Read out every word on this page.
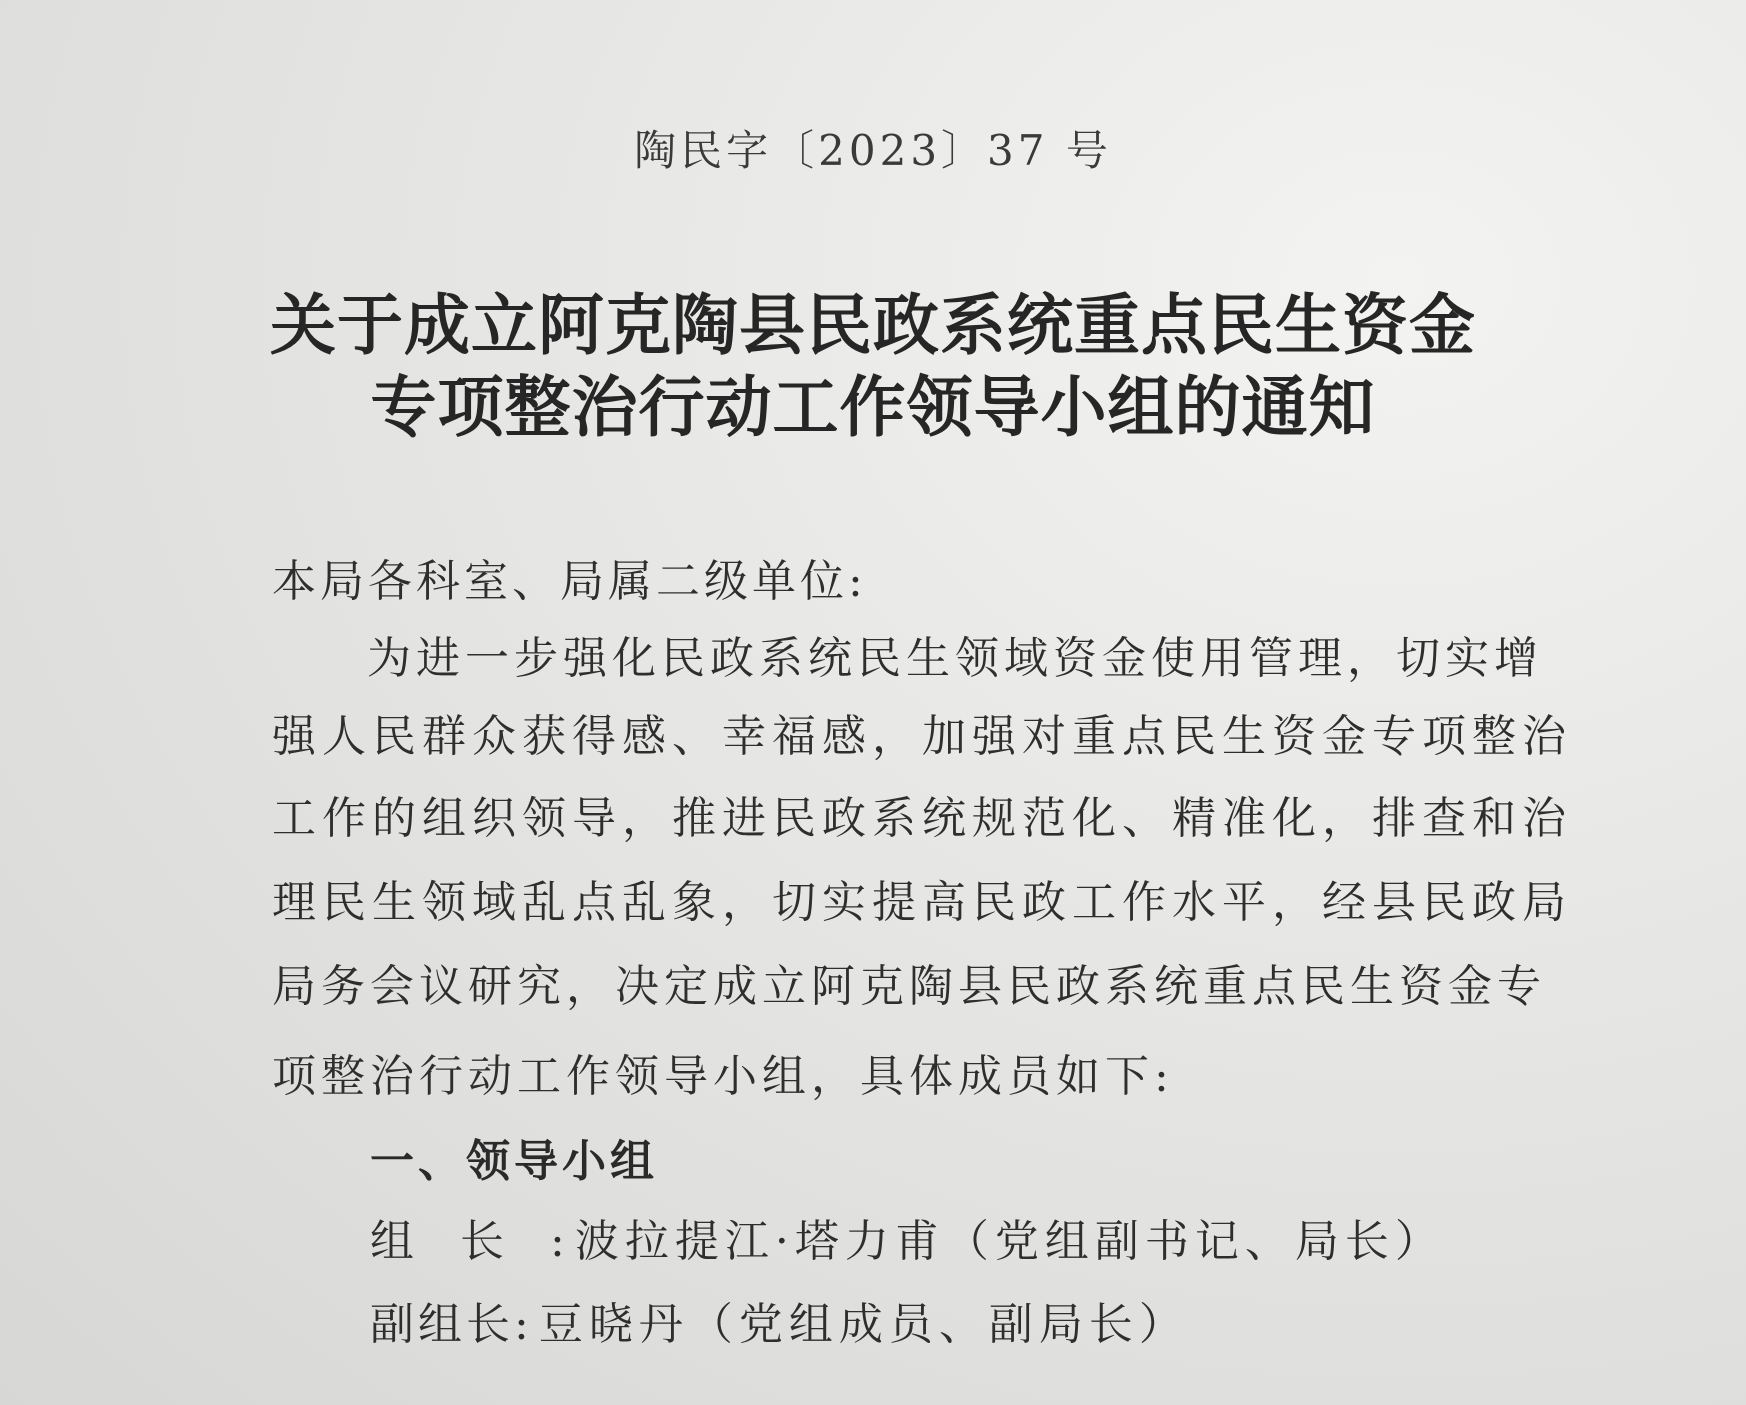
陶民字〔2023〕37 号
关于成立阿克陶县民政系统重点民生资金
专项整治行动工作领导小组的通知
本局各科室、局属二级单位:
为进一步强化民政系统民生领域资金使用管理，切实增
强人民群众获得感、幸福感，加强对重点民生资金专项整治
工作的组织领导，推进民政系统规范化、精准化，排查和治
理民生领域乱点乱象，切实提高民政工作水平，经县民政局
局务会议研究，决定成立阿克陶县民政系统重点民生资金专
项整治行动工作领导小组，具体成员如下:
一、领导小组
组长: 波拉提江·塔力甫（党组副书记、局长）
副组长: 豆晓丹（党组成员、副局长）
